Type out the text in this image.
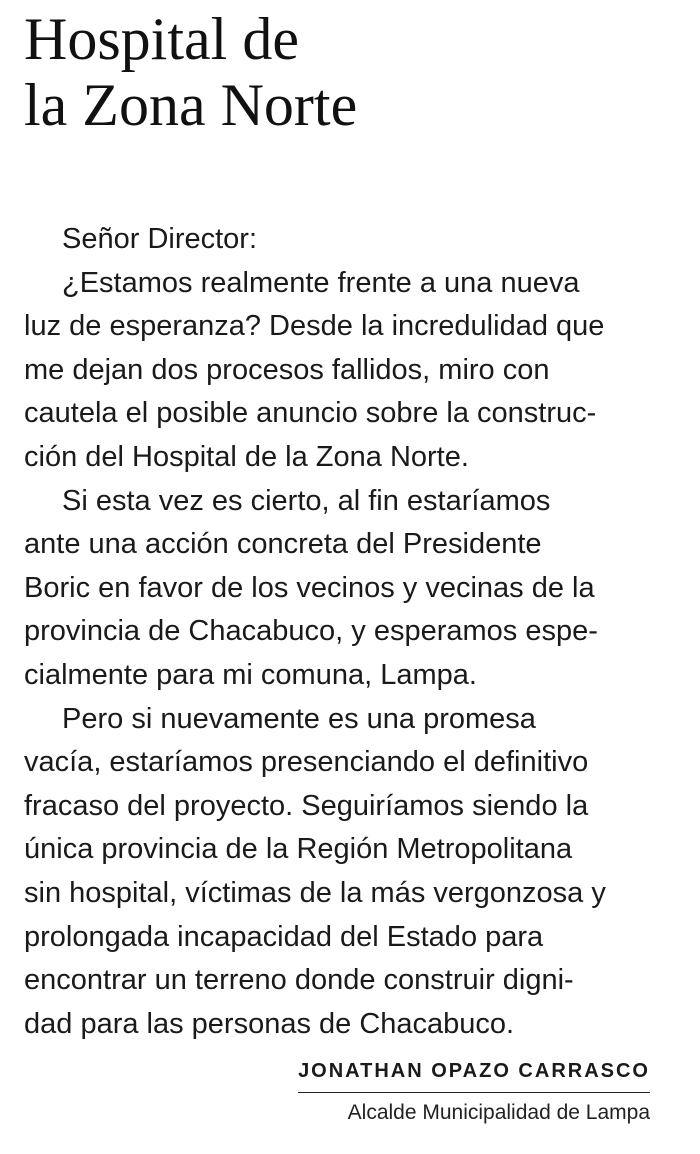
Hospital de
la Zona Norte
Señor Director:
¿Estamos realmente frente a una nueva
luz de esperanza? Desde la incredulidad que
me dejan dos procesos fallidos, miro con
cautela el posible anuncio sobre la construc-
ción del Hospital de la Zona Norte.
Si esta vez es cierto, al fin estaríamos
ante una acción concreta del Presidente
Boric en favor de los vecinos y vecinas de la
provincia de Chacabuco, y esperamos espe-
cialmente para mi comuna, Lampa.
Pero si nuevamente es una promesa
vacía, estaríamos presenciando el definitivo
fracaso del proyecto. Seguiríamos siendo la
única provincia de la Región Metropolitana
sin hospital, víctimas de la más vergonzosa y
prolongada incapacidad del Estado para
encontrar un terreno donde construir digni-
dad para las personas de Chacabuco.
JONATHAN OPAZO CARRASCO
Alcalde Municipalidad de Lampa
